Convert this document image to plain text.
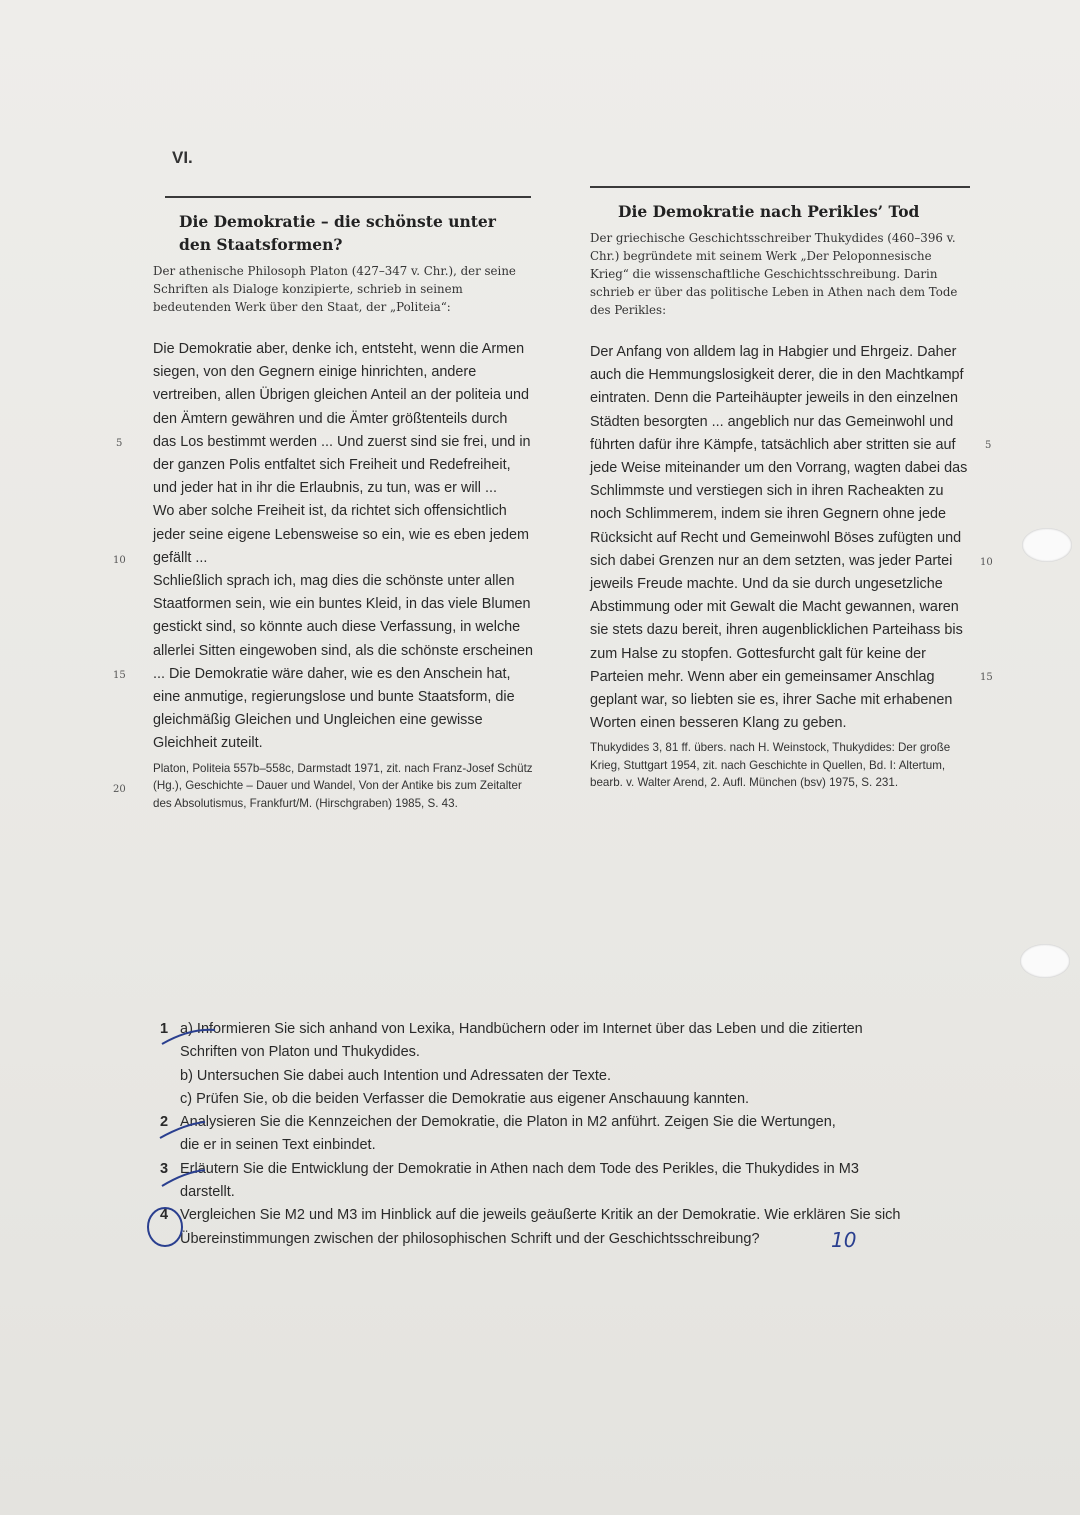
VI.
Die Demokratie – die schönste unter den Staatsformen?
Der athenische Philosoph Platon (427–347 v. Chr.), der seine Schriften als Dialoge konzipierte, schrieb in seinem bedeutenden Werk über den Staat, der „Politeia“:

Die Demokratie aber, denke ich, entsteht, wenn die Armen siegen, von den Gegnern einige hinrichten, andere vertreiben, allen Übrigen gleichen Anteil an der politeia und den Ämtern gewähren und die Ämter größtenteils durch das Los bestimmt werden ... Und zuerst sind sie frei, und in der ganzen Polis entfaltet sich Freiheit und Redefreiheit, und jeder hat in ihr die Erlaubnis, zu tun, was er will ...

Wo aber solche Freiheit ist, da richtet sich offensichtlich jeder seine eigene Lebensweise so ein, wie es eben jedem gefällt ...

Schließlich sprach ich, mag dies die schönste unter allen Staatformen sein, wie ein buntes Kleid, in das viele Blumen gestickt sind, so könnte auch diese Verfassung, in welche allerlei Sitten eingewoben sind, als die schönste erscheinen ... Die Demokratie wäre daher, wie es den Anschein hat, eine anmutige, regierungslose und bunte Staatsform, die gleichmäßig Gleichen und Ungleichen eine gewisse Gleichheit zuteilt.

Platon, Politeia 557b–558c, Darmstadt 1971, zit. nach Franz-Josef Schütz (Hg.), Geschichte – Dauer und Wandel, Von der Antike bis zum Zeitalter des Absolutismus, Frankfurt/M. (Hirschgraben) 1985, S. 43.
5
10
15
20
Die Demokratie nach Perikles’ Tod
Der griechische Geschichtsschreiber Thukydides (460–396 v. Chr.) begründete mit seinem Werk „Der Peloponnesische Krieg“ die wissenschaftliche Geschichtsschreibung. Darin schrieb er über das politische Leben in Athen nach dem Tode des Perikles:

Der Anfang von alldem lag in Habgier und Ehrgeiz. Daher auch die Hemmungslosigkeit derer, die in den Machtkampf eintraten. Denn die Parteihäupter jeweils in den einzelnen Städten besorgten ... angeblich nur das Gemeinwohl und führten dafür ihre Kämpfe, tatsächlich aber stritten sie auf jede Weise miteinander um den Vorrang, wagten dabei das Schlimmste und verstiegen sich in ihren Racheakten zu noch Schlimmerem, indem sie ihren Gegnern ohne jede Rücksicht auf Recht und Gemeinwohl Böses zufügten und sich dabei Grenzen nur an dem setzten, was jeder Partei jeweils Freude machte. Und da sie durch ungesetzliche Abstimmung oder mit Gewalt die Macht gewannen, waren sie stets dazu bereit, ihren augenblicklichen Parteihass bis zum Halse zu stopfen. Gottesfurcht galt für keine der Parteien mehr. Wenn aber ein gemeinsamer Anschlag geplant war, so liebten sie es, ihrer Sache mit erhabenen Worten einen besseren Klang zu geben.

Thukydides 3, 81 ff. übers. nach H. Weinstock, Thukydides: Der große Krieg, Stuttgart 1954, zit. nach Geschichte in Quellen, Bd. I: Altertum, bearb. v. Walter Arend, 2. Aufl. München (bsv) 1975, S. 231.
5
10
15
1 a) Informieren Sie sich anhand von Lexika, Handbüchern oder im Internet über das Leben und die zitierten
Schriften von Platon und Thukydides.
b) Untersuchen Sie dabei auch Intention und Adressaten der Texte.
c) Prüfen Sie, ob die beiden Verfasser die Demokratie aus eigener Anschauung kannten.
2 Analysieren Sie die Kennzeichen der Demokratie, die Platon in M2 anführt. Zeigen Sie die Wertungen,
die er in seinen Text einbindet.
3 Erläutern Sie die Entwicklung der Demokratie in Athen nach dem Tode des Perikles, die Thukydides in M3
darstellt.
4 Vergleichen Sie M2 und M3 im Hinblick auf die jeweils geäußerte Kritik an der Demokratie. Wie erklären Sie sich
Übereinstimmungen zwischen der philosophischen Schrift und der Geschichtsschreibung?	10
